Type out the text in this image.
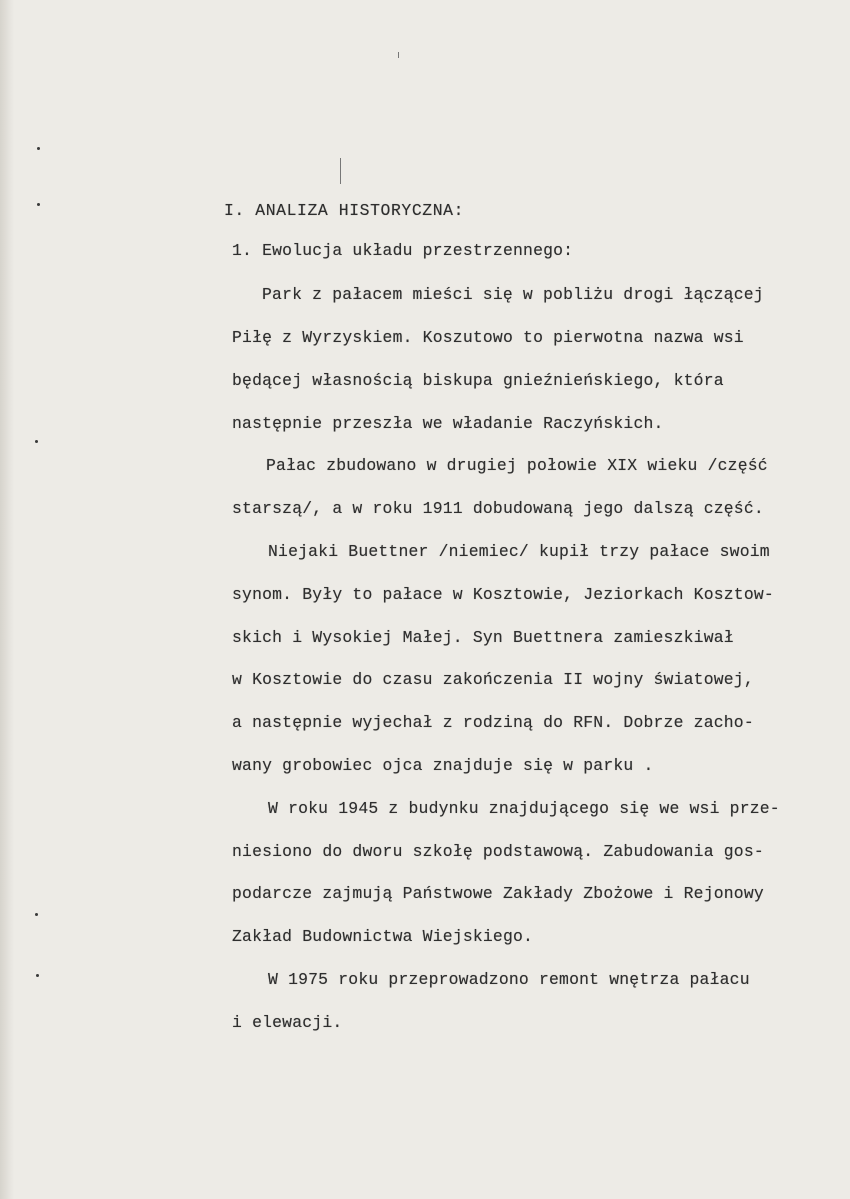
I. ANALIZA HISTORYCZNA:
1. Ewolucja układu przestrzennego:
Park z pałacem mieści się w pobliżu drogi łączącej
Piłę z Wyrzyskiem. Koszutowo to pierwotna nazwa wsi
będącej własnością biskupa gnieźnieńskiego, która
następnie przeszła we władanie Raczyńskich.
Pałac zbudowano w drugiej połowie XIX wieku /część
starszą/, a w roku 1911 dobudowaną jego dalszą część.
Niejaki Buettner /niemiec/ kupił trzy pałace swoim
synom. Były to pałace w Kosztowie, Jeziorkach Kosztow-
skich i Wysokiej Małej. Syn Buettnera zamieszkiwał
w Kosztowie do czasu zakończenia II wojny światowej,
a następnie wyjechał z rodziną do RFN. Dobrze zacho-
wany grobowiec ojca znajduje się w parku .
W roku 1945 z budynku znajdującego się we wsi prze-
niesiono do dworu szkołę podstawową. Zabudowania gos-
podarcze zajmują Państwowe Zakłady Zbożowe i Rejonowy
Zakład Budownictwa Wiejskiego.
W 1975 roku przeprowadzono remont wnętrza pałacu
i elewacji.
